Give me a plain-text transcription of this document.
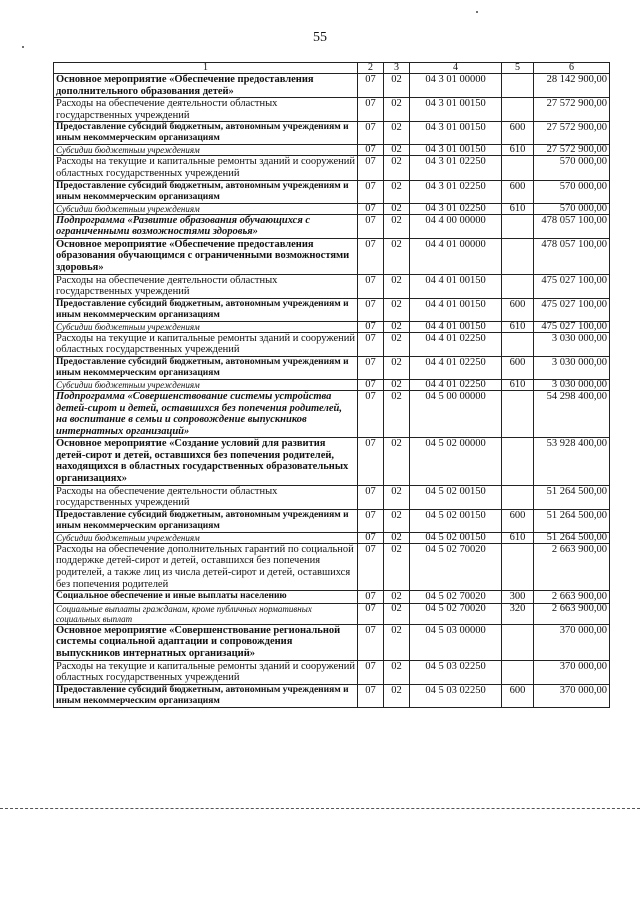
55
1	2	3	4	5	6
Основное мероприятие «Обеспечение предоставления дополнительного образования детей»	07	02	04 3 01 00000		28 142 900,00
Расходы на обеспечение деятельности областных государственных учреждений	07	02	04 3 01 00150		27 572 900,00
Предоставление субсидий бюджетным, автономным учреждениям и иным некоммерческим организациям	07	02	04 3 01 00150	600	27 572 900,00
Субсидии бюджетным учреждениям	07	02	04 3 01 00150	610	27 572 900,00
Расходы на текущие и капитальные ремонты зданий и сооружений областных государственных учреждений	07	02	04 3 01 02250		570 000,00
Предоставление субсидий бюджетным, автономным учреждениям и иным некоммерческим организациям	07	02	04 3 01 02250	600	570 000,00
Субсидии бюджетным учреждениям	07	02	04 3 01 02250	610	570 000,00
Подпрограмма «Развитие образования обучающихся с ограниченными возможностями здоровья»	07	02	04 4 00 00000		478 057 100,00
Основное мероприятие «Обеспечение предоставления образования обучающимся с ограниченными возможностями здоровья»	07	02	04 4 01 00000		478 057 100,00
Расходы на обеспечение деятельности областных государственных учреждений	07	02	04 4 01 00150		475 027 100,00
Предоставление субсидий бюджетным, автономным учреждениям и иным некоммерческим организациям	07	02	04 4 01 00150	600	475 027 100,00
Субсидии бюджетным учреждениям	07	02	04 4 01 00150	610	475 027 100,00
Расходы на текущие и капитальные ремонты зданий и сооружений областных государственных учреждений	07	02	04 4 01 02250		3 030 000,00
Предоставление субсидий бюджетным, автономным учреждениям и иным некоммерческим организациям	07	02	04 4 01 02250	600	3 030 000,00
Субсидии бюджетным учреждениям	07	02	04 4 01 02250	610	3 030 000,00
Подпрограмма «Совершенствование системы устройства детей-сирот и детей, оставшихся без попечения родителей, на воспитание в семьи и сопровождение выпускников интернатных организаций»	07	02	04 5 00 00000		54 298 400,00
Основное мероприятие «Создание условий для развития детей-сирот и детей, оставшихся без попечения родителей, находящихся в областных государственных образовательных организациях»	07	02	04 5 02 00000		53 928 400,00
Расходы на обеспечение деятельности областных государственных учреждений	07	02	04 5 02 00150		51 264 500,00
Предоставление субсидий бюджетным, автономным учреждениям и иным некоммерческим организациям	07	02	04 5 02 00150	600	51 264 500,00
Субсидии бюджетным учреждениям	07	02	04 5 02 00150	610	51 264 500,00
Расходы на обеспечение дополнительных гарантий по социальной поддержке детей-сирот и детей, оставшихся без попечения родителей, а также лиц из числа детей-сирот и детей, оставшихся без попечения родителей	07	02	04 5 02 70020		2 663 900,00
Социальное обеспечение и иные выплаты населению	07	02	04 5 02 70020	300	2 663 900,00
Социальные выплаты гражданам, кроме публичных нормативных социальных выплат	07	02	04 5 02 70020	320	2 663 900,00
Основное мероприятие «Совершенствование региональной системы социальной адаптации и сопровождения выпускников интернатных организаций»	07	02	04 5 03 00000		370 000,00
Расходы на текущие и капитальные ремонты зданий и сооружений областных государственных учреждений	07	02	04 5 03 02250		370 000,00
Предоставление субсидий бюджетным, автономным учреждениям и иным некоммерческим организациям	07	02	04 5 03 02250	600	370 000,00
